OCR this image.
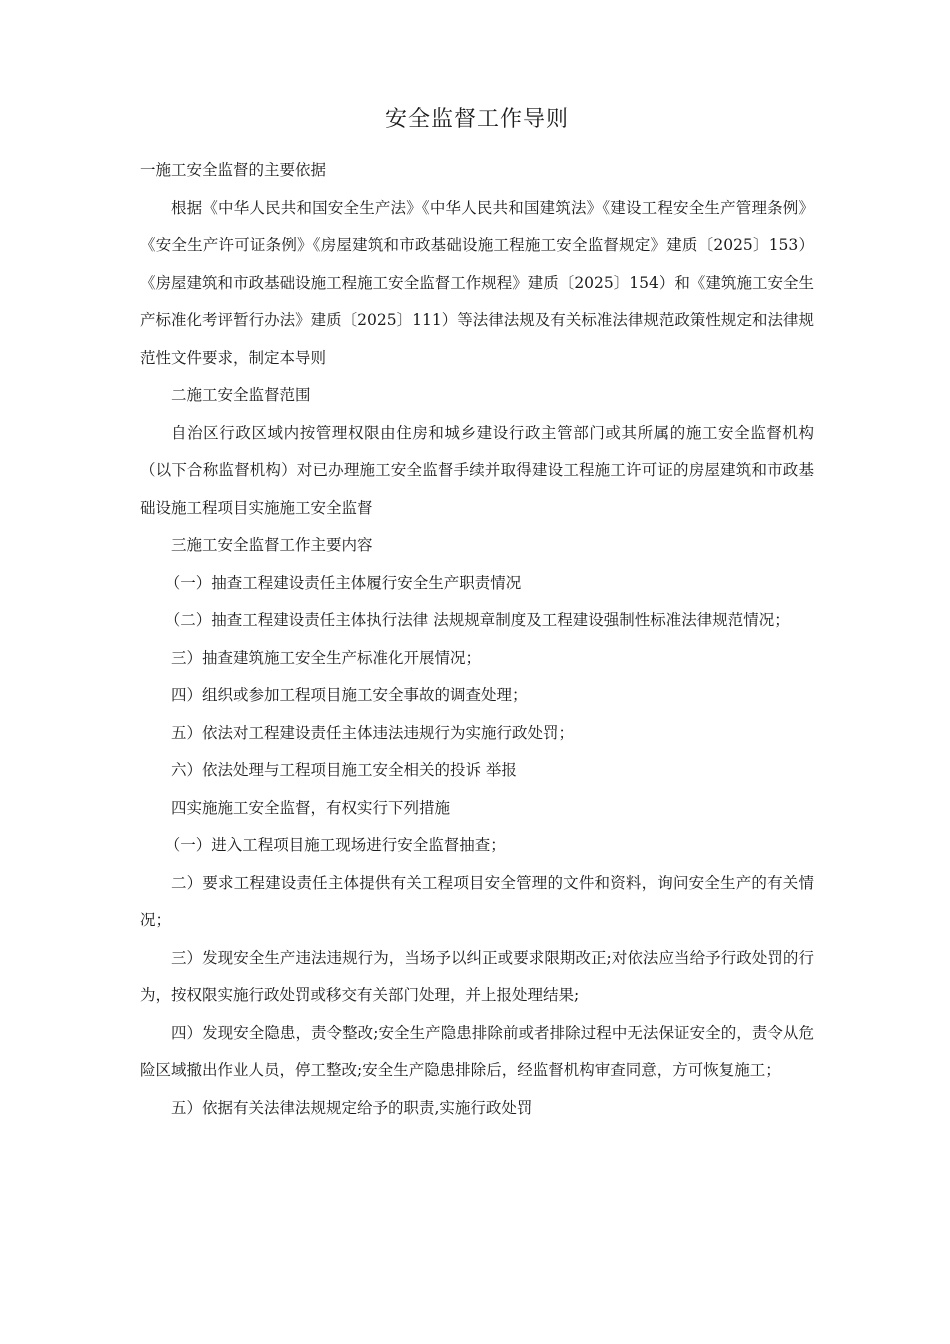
安全监督工作导则

一施工安全监督的主要依据

根据《中华人民共和国安全生产法》《中华人民共和国建筑法》《建设工程安全生产管理条例》《安全生产许可证条例》《房屋建筑和市政基础设施工程施工安全监督规定》建质〔2025〕153）《房屋建筑和市政基础设施工程施工安全监督工作规程》建质〔2025〕154）和《建筑施工安全生产标准化考评暂行办法》建质〔2025〕111）等法律法规及有关标准法律规范政策性规定和法律规范性文件要求，制定本导则

二施工安全监督范围

自治区行政区域内按管理权限由住房和城乡建设行政主管部门或其所属的施工安全监督机构（以下合称监督机构）对已办理施工安全监督手续并取得建设工程施工许可证的房屋建筑和市政基础设施工程项目实施施工安全监督

三施工安全监督工作主要内容

（一）抽查工程建设责任主体履行安全生产职责情况

（二）抽查工程建设责任主体执行法律 法规规章制度及工程建设强制性标准法律规范情况；

三）抽查建筑施工安全生产标准化开展情况；

四）组织或参加工程项目施工安全事故的调查处理；

五）依法对工程建设责任主体违法违规行为实施行政处罚；

六）依法处理与工程项目施工安全相关的投诉 举报

四实施施工安全监督，有权实行下列措施

（一）进入工程项目施工现场进行安全监督抽查；

二）要求工程建设责任主体提供有关工程项目安全管理的文件和资料，询问安全生产的有关情况；

三）发现安全生产违法违规行为，当场予以纠正或要求限期改正;对依法应当给予行政处罚的行为，按权限实施行政处罚或移交有关部门处理，并上报处理结果;

四）发现安全隐患，责令整改;安全生产隐患排除前或者排除过程中无法保证安全的，责令从危险区域撤出作业人员，停工整改;安全生产隐患排除后，经监督机构审查同意，方可恢复施工；

五）依据有关法律法规规定给予的职责,实施行政处罚
